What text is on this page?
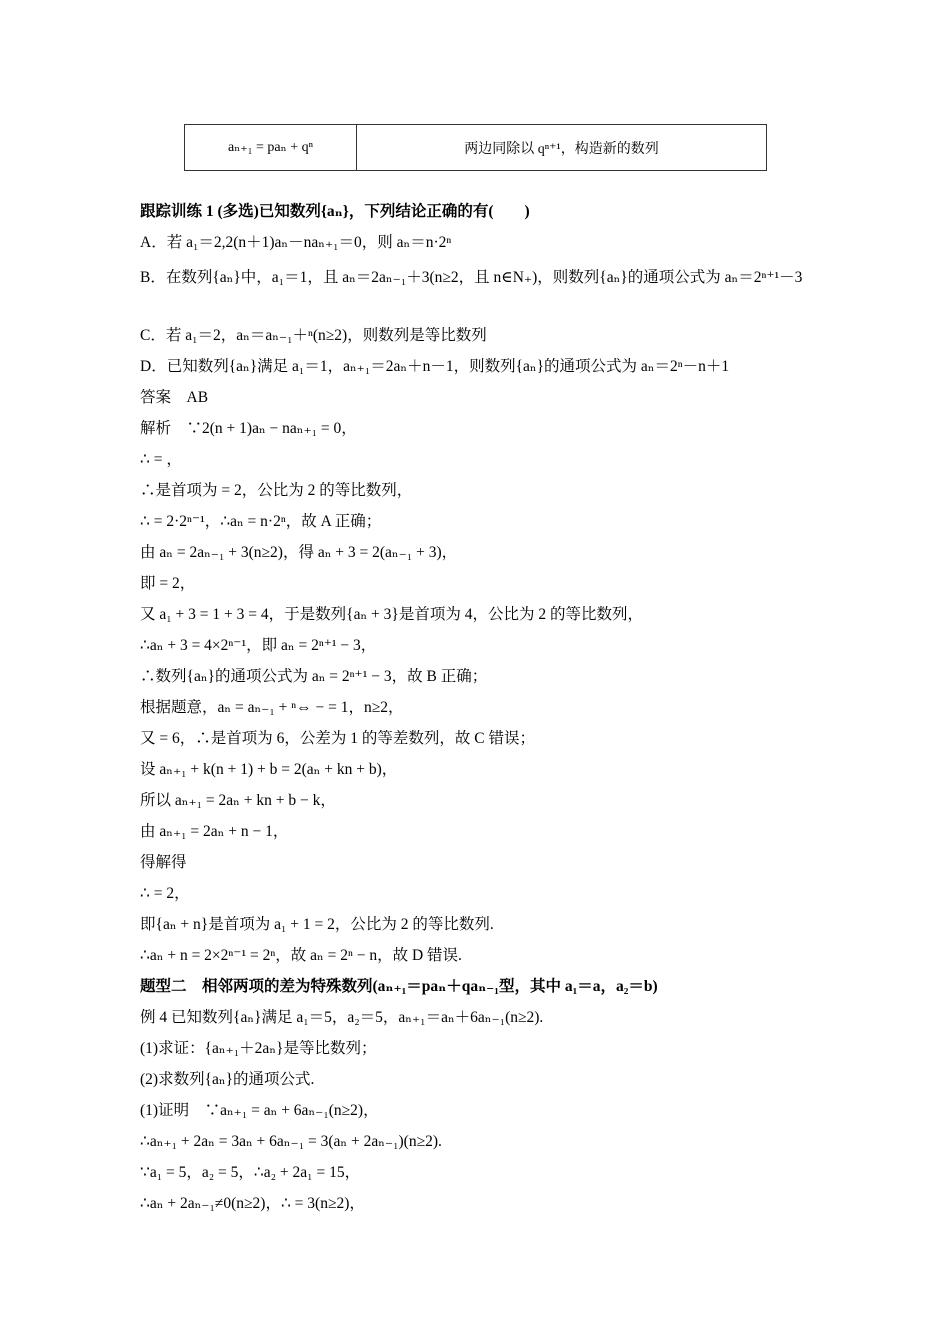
aₙ₊₁ = paₙ + qⁿ	两边同除以 qⁿ⁺¹，构造新的数列
跟踪训练 1 (多选)已知数列{aₙ}，下列结论正确的有(　　)
A．若 a₁＝2,2(n＋1)aₙ－naₙ₊₁＝0，则 aₙ＝n·2ⁿ
B．在数列{aₙ}中，a₁＝1，且 aₙ＝2aₙ₋₁＋3(n≥2，且 n∈N₊)，则数列{aₙ}的通项公式为 aₙ＝2ⁿ⁺¹－3
C．若 a₁＝2，aₙ＝aₙ₋₁＋ⁿ(n≥2)，则数列是等比数列
D．已知数列{aₙ}满足 a₁＝1，aₙ₊₁＝2aₙ＋n－1，则数列{aₙ}的通项公式为 aₙ＝2ⁿ－n＋1
答案　AB
解析　∵2(n + 1)aₙ − naₙ₊₁ = 0，
∴ = ，
∴是首项为 = 2，公比为 2 的等比数列，
∴ = 2·2ⁿ⁻¹，∴aₙ = n·2ⁿ，故 A 正确；
由 aₙ = 2aₙ₋₁ + 3(n≥2)，得 aₙ + 3 = 2(aₙ₋₁ + 3)，
即 = 2，
又 a₁ + 3 = 1 + 3 = 4，于是数列{aₙ + 3}是首项为 4，公比为 2 的等比数列，
∴aₙ + 3 = 4×2ⁿ⁻¹，即 aₙ = 2ⁿ⁺¹ − 3，
∴数列{aₙ}的通项公式为 aₙ = 2ⁿ⁺¹ − 3，故 B 正确；
根据题意，aₙ = aₙ₋₁ + ⁿ⇔ − = 1，n≥2，
又 = 6，∴是首项为 6，公差为 1 的等差数列，故 C 错误；
设 aₙ₊₁ + k(n + 1) + b = 2(aₙ + kn + b)，
所以 aₙ₊₁ = 2aₙ + kn + b − k，
由 aₙ₊₁ = 2aₙ + n − 1，
得解得
∴ = 2，
即{aₙ + n}是首项为 a₁ + 1 = 2，公比为 2 的等比数列.
∴aₙ + n = 2×2ⁿ⁻¹ = 2ⁿ，故 aₙ = 2ⁿ − n，故 D 错误.
题型二　相邻两项的差为特殊数列(aₙ₊₁＝paₙ＋qaₙ₋₁型，其中 a₁＝a，a₂＝b)
例 4 已知数列{aₙ}满足 a₁＝5，a₂＝5，aₙ₊₁＝aₙ＋6aₙ₋₁(n≥2).
(1)求证：{aₙ₊₁＋2aₙ}是等比数列；
(2)求数列{aₙ}的通项公式.
(1)证明　∵aₙ₊₁ = aₙ + 6aₙ₋₁(n≥2)，
∴aₙ₊₁ + 2aₙ = 3aₙ + 6aₙ₋₁ = 3(aₙ + 2aₙ₋₁)(n≥2).
∵a₁ = 5，a₂ = 5，∴a₂ + 2a₁ = 15，
∴aₙ + 2aₙ₋₁≠0(n≥2)，∴ = 3(n≥2)，
